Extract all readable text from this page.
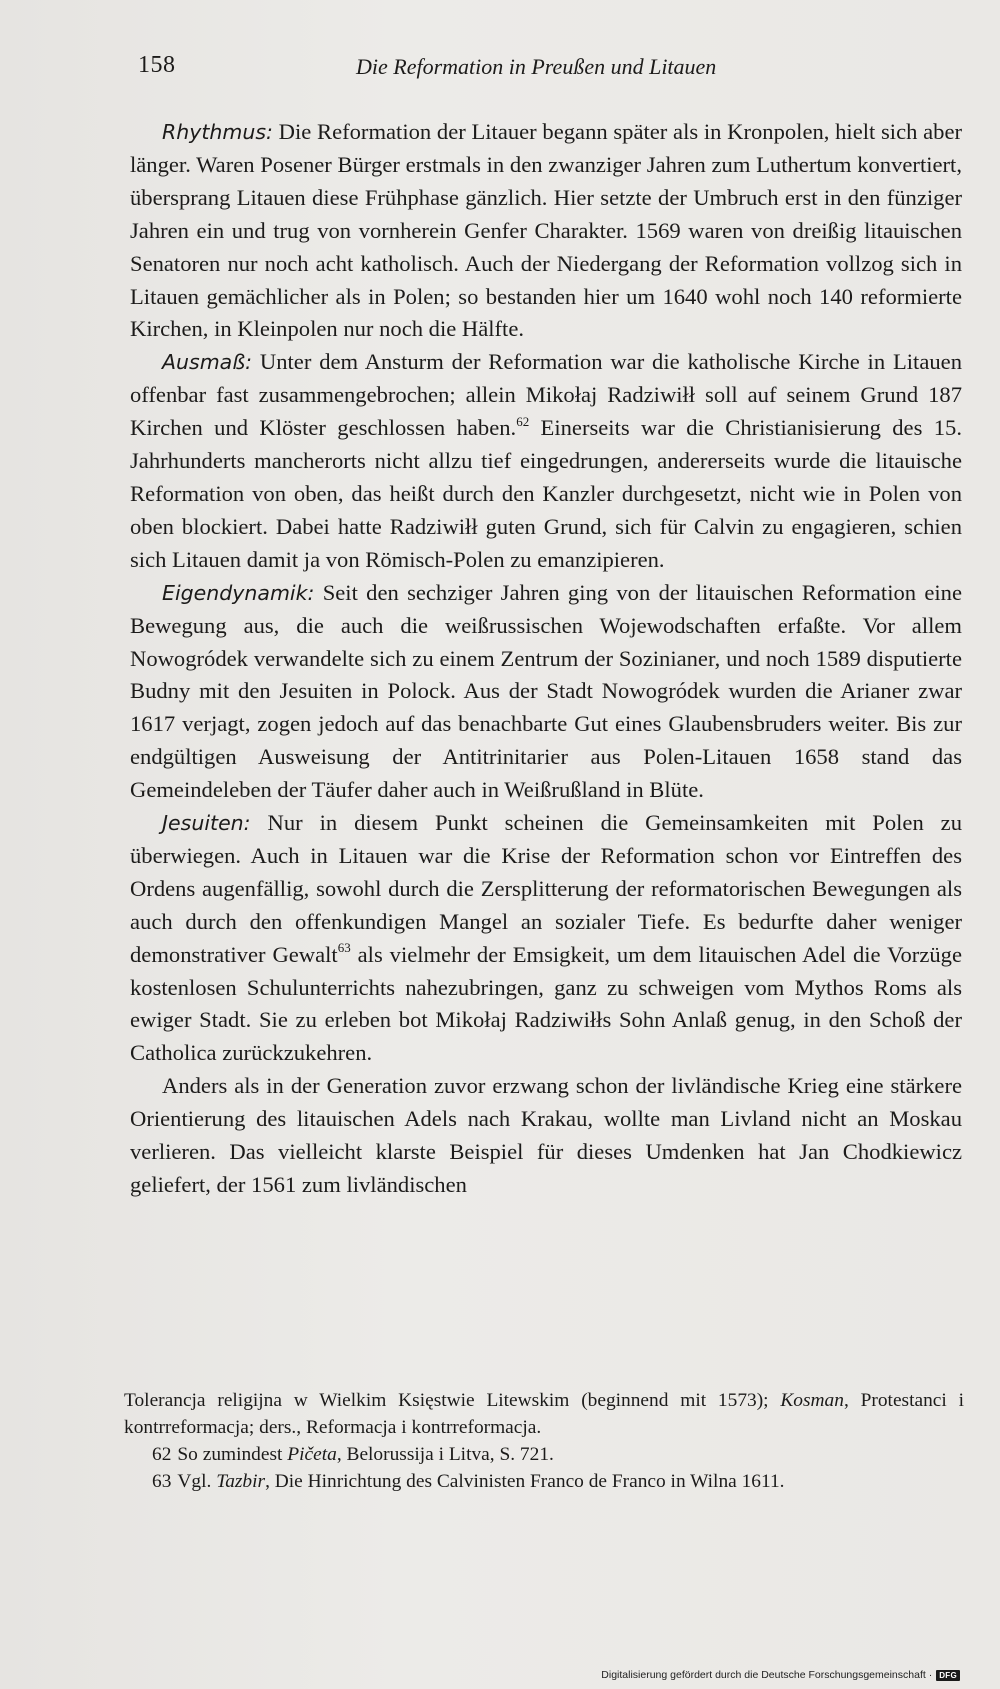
158	Die Reformation in Preußen und Litauen

Rhythmus: Die Reformation der Litauer begann später als in Kronpolen, hielt sich aber länger. Waren Posener Bürger erstmals in den zwanziger Jahren zum Luthertum konvertiert, übersprang Litauen diese Frühphase gänzlich. Hier setzte der Umbruch erst in den fünziger Jahren ein und trug von vornherein Genfer Charakter. 1569 waren von dreißig litauischen Senatoren nur noch acht katholisch. Auch der Niedergang der Reformation vollzog sich in Litauen gemächlicher als in Polen; so bestanden hier um 1640 wohl noch 140 reformierte Kirchen, in Kleinpolen nur noch die Hälfte.

Ausmaß: Unter dem Ansturm der Reformation war die katholische Kirche in Litauen offenbar fast zusammengebrochen; allein Mikołaj Radziwiłł soll auf seinem Grund 187 Kirchen und Klöster geschlossen haben.$^{62}$ Einerseits war die Christianisierung des 15. Jahrhunderts mancherorts nicht allzu tief eingedrungen, andererseits wurde die litauische Reformation von oben, das heißt durch den Kanzler durchgesetzt, nicht wie in Polen von oben blockiert. Dabei hatte Radziwiłł guten Grund, sich für Calvin zu engagieren, schien sich Litauen damit ja von Römisch-Polen zu emanzipieren.

Eigendynamik: Seit den sechziger Jahren ging von der litauischen Reformation eine Bewegung aus, die auch die weißrussischen Wojewodschaften erfaßte. Vor allem Nowogródek verwandelte sich zu einem Zentrum der Sozinianer, und noch 1589 disputierte Budny mit den Jesuiten in Polock. Aus der Stadt Nowogródek wurden die Arianer zwar 1617 verjagt, zogen jedoch auf das benachbarte Gut eines Glaubensbruders weiter. Bis zur endgültigen Ausweisung der Antitrinitarier aus Polen-Litauen 1658 stand das Gemeindeleben der Täufer daher auch in Weißrußland in Blüte.

Jesuiten: Nur in diesem Punkt scheinen die Gemeinsamkeiten mit Polen zu überwiegen. Auch in Litauen war die Krise der Reformation schon vor Eintreffen des Ordens augenfällig, sowohl durch die Zersplitterung der reformatorischen Bewegungen als auch durch den offenkundigen Mangel an sozialer Tiefe. Es bedurfte daher weniger demonstrativer Gewalt$^{63}$ als vielmehr der Emsigkeit, um dem litauischen Adel die Vorzüge kostenlosen Schulunterrichts nahezubringen, ganz zu schweigen vom Mythos Roms als ewiger Stadt. Sie zu erleben bot Mikołaj Radziwiłłs Sohn Anlaß genug, in den Schoß der Catholica zurückzukehren.

Anders als in der Generation zuvor erzwang schon der livländische Krieg eine stärkere Orientierung des litauischen Adels nach Krakau, wollte man Livland nicht an Moskau verlieren. Das vielleicht klarste Beispiel für dieses Umdenken hat Jan Chodkiewicz geliefert, der 1561 zum livländischen

Tolerancja religijna w Wielkim Księstwie Litewskim (beginnend mit 1573); Kosman, Protestanci i kontrreformacja; ders., Reformacja i kontrreformacja.

62 So zumindest Pičeta, Belorussija i Litva, S. 721.

63 Vgl. Tazbir, Die Hinrichtung des Calvinisten Franco de Franco in Wilna 1611.

Digitalisierung gefördert durch die Deutsche Forschungsgemeinschaft · DFG
